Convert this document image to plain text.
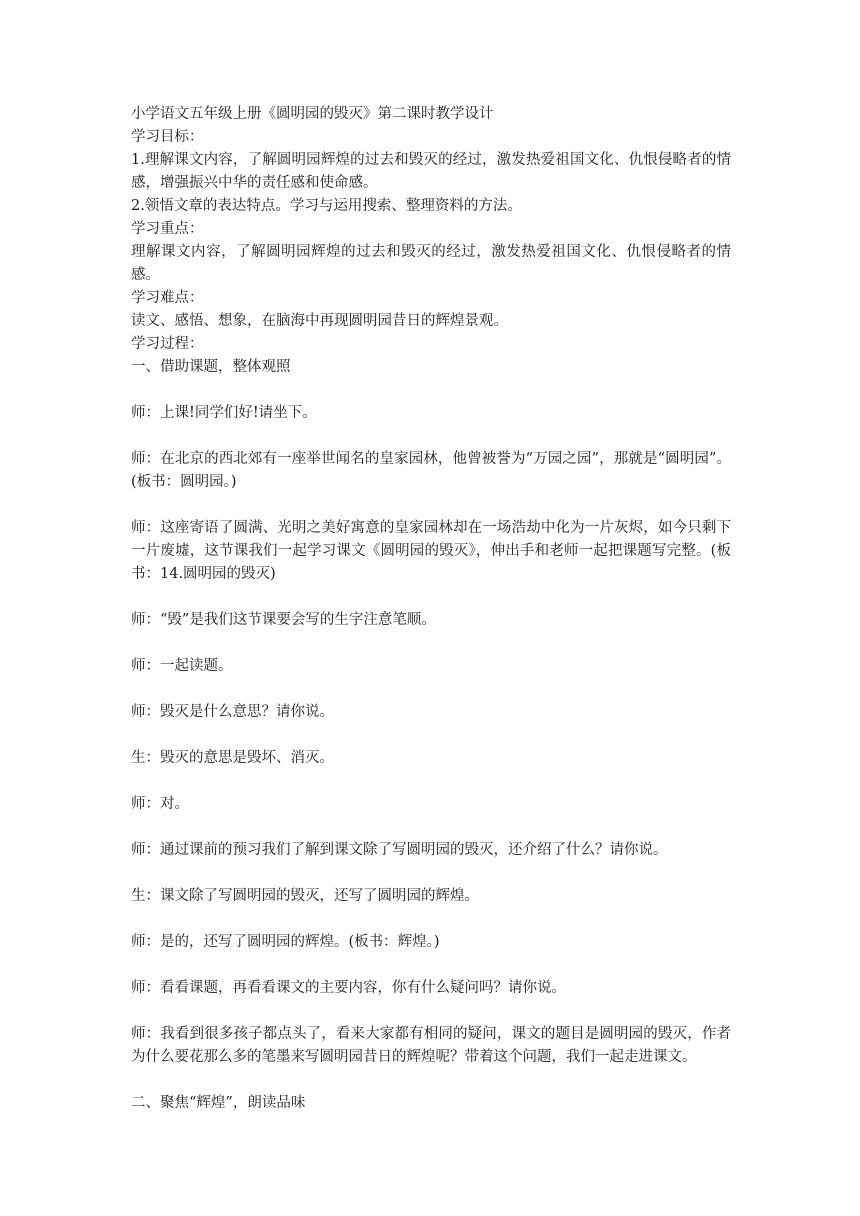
小学语文五年级上册《圆明园的毁灭》第二课时教学设计
学习目标：
1.理解课文内容，了解圆明园辉煌的过去和毁灭的经过，激发热爱祖国文化、仇恨侵略者的情感，增强振兴中华的责任感和使命感。
2.领悟文章的表达特点。学习与运用搜索、整理资料的方法。
学习重点：
理解课文内容，了解圆明园辉煌的过去和毁灭的经过，激发热爱祖国文化、仇恨侵略者的情感。
学习难点：
读文、感悟、想象，在脑海中再现圆明园昔日的辉煌景观。
学习过程：
一、借助课题，整体观照
师：上课!同学们好!请坐下。
师：在北京的西北郊有一座举世闻名的皇家园林，他曾被誉为“万园之园”，那就是“圆明园”。(板书：圆明园。)
师：这座寄语了圆满、光明之美好寓意的皇家园林却在一场浩劫中化为一片灰烬，如今只剩下一片废墟，这节课我们一起学习课文《圆明园的毁灭》，伸出手和老师一起把课题写完整。(板书：14.圆明园的毁灭)
师：“毁”是我们这节课要会写的生字注意笔顺。
师：一起读题。
师：毁灭是什么意思？请你说。
生：毁灭的意思是毁坏、消灭。
师：对。
师：通过课前的预习我们了解到课文除了写圆明园的毁灭，还介绍了什么？请你说。
生：课文除了写圆明园的毁灭，还写了圆明园的辉煌。
师：是的，还写了圆明园的辉煌。(板书：辉煌。)
师：看看课题，再看看课文的主要内容，你有什么疑问吗？请你说。
师：我看到很多孩子都点头了，看来大家都有相同的疑问，课文的题目是圆明园的毁灭，作者为什么要花那么多的笔墨来写圆明园昔日的辉煌呢？带着这个问题，我们一起走进课文。
二、聚焦“辉煌”，朗读品味
